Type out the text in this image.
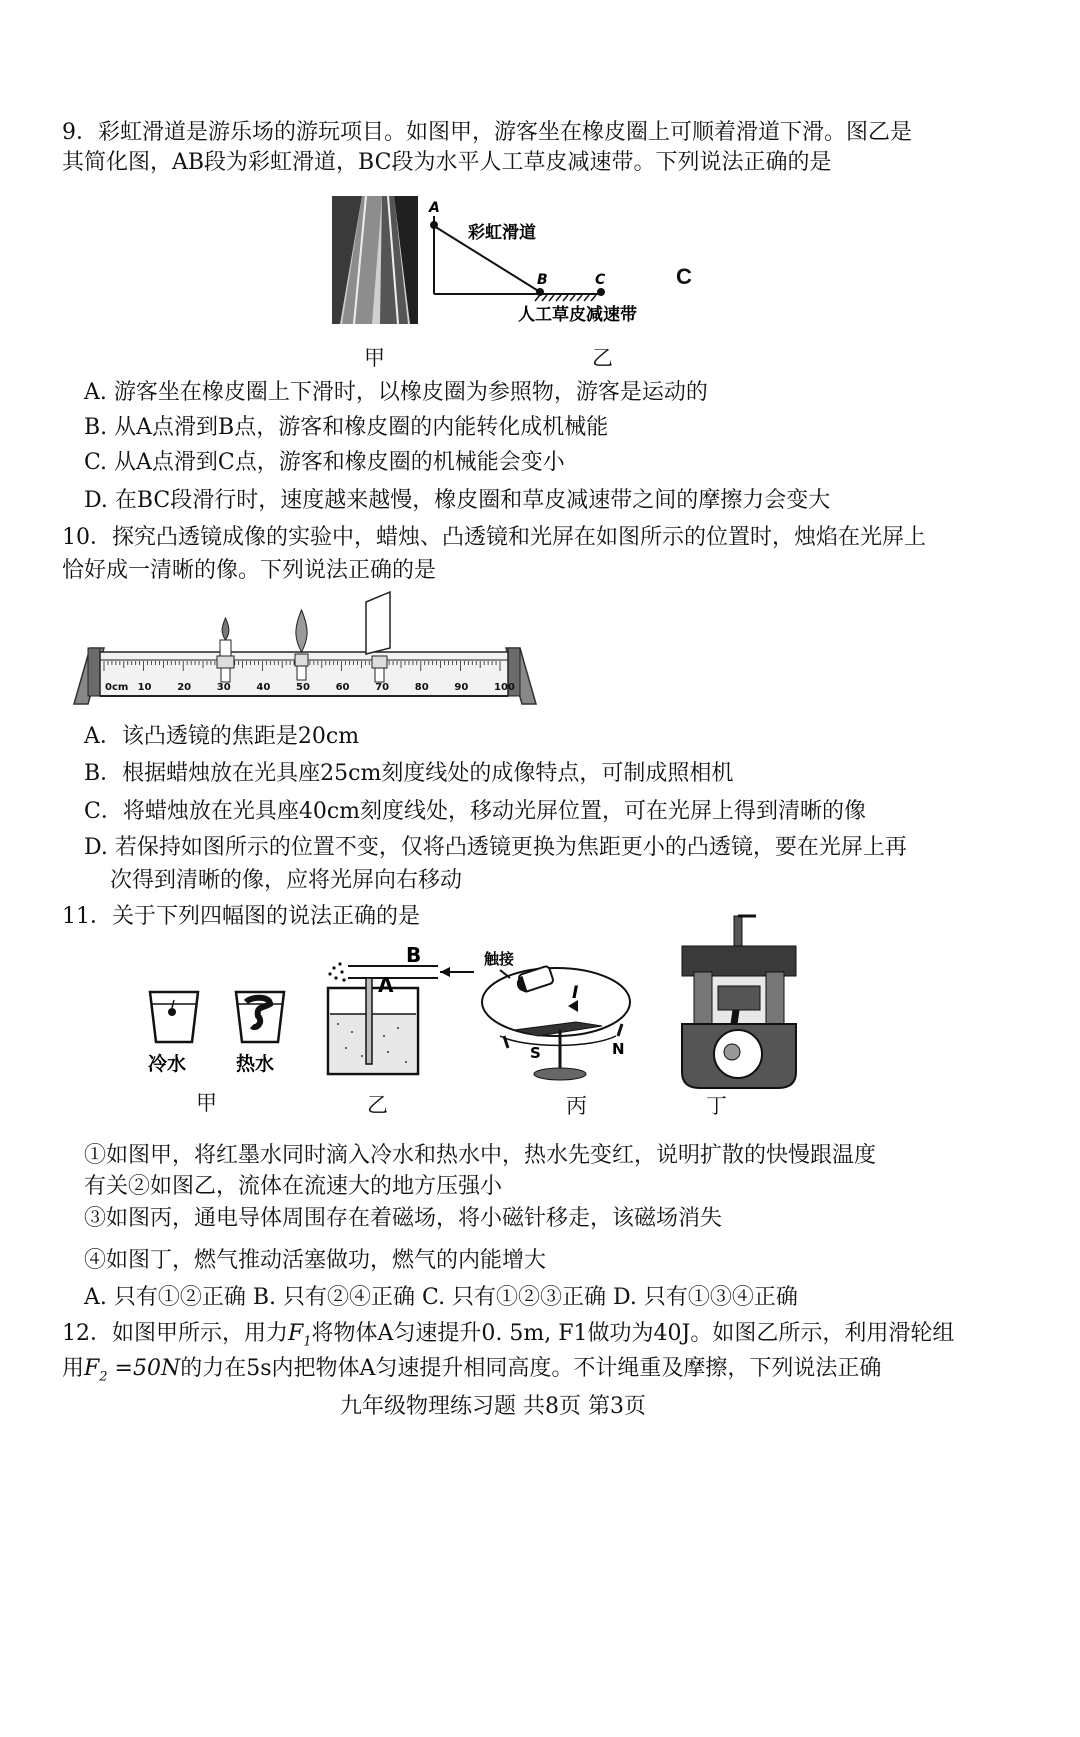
9．彩虹滑道是游乐场的游玩项目。如图甲，游客坐在橡皮圈上可顺着滑道下滑。图乙是
其简化图，AB段为彩虹滑道，BC段为水平人工草皮减速带。下列说法正确的是
A
B	C
彩虹滑道
人工草皮减速带
C
甲	乙
A. 游客坐在橡皮圈上下滑时，以橡皮圈为参照物，游客是运动的
B. 从A点滑到B点，游客和橡皮圈的内能转化成机械能
C. 从A点滑到C点，游客和橡皮圈的机械能会变小
D. 在BC段滑行时，速度越来越慢，橡皮圈和草皮减速带之间的摩擦力会变大
10．探究凸透镜成像的实验中，蜡烛、凸透镜和光屏在如图所示的位置时，烛焰在光屏上
恰好成一清晰的像。下列说法正确的是
0cm 10	20	30	40	50	60	70	80	90	100
A．该凸透镜的焦距是20cm
B．根据蜡烛放在光具座25cm刻度线处的成像特点，可制成照相机
C．将蜡烛放在光具座40cm刻度线处，移动光屏位置，可在光屏上得到清晰的像
D. 若保持如图所示的位置不变，仅将凸透镜更换为焦距更小的凸透镜，要在光屏上再
次得到清晰的像，应将光屏向右移动
11．关于下列四幅图的说法正确的是
冷水	热水
B
A
触接
I
S	N
甲	乙	丙	丁
①如图甲，将红墨水同时滴入冷水和热水中，热水先变红，说明扩散的快慢跟温度
有关②如图乙，流体在流速大的地方压强小
③如图丙，通电导体周围存在着磁场，将小磁针移走，该磁场消失
④如图丁，燃气推动活塞做功，燃气的内能增大
A. 只有①②正确 B. 只有②④正确 C. 只有①②③正确 D. 只有①③④正确
12．如图甲所示，用力$F_1$将物体A匀速提升0. 5m, F1做功为40J。如图乙所示，利用滑轮组
用$F_2 =50N$的力在5s内把物体A匀速提升相同高度。不计绳重及摩擦，下列说法正确
九年级物理练习题 共8页 第3页
